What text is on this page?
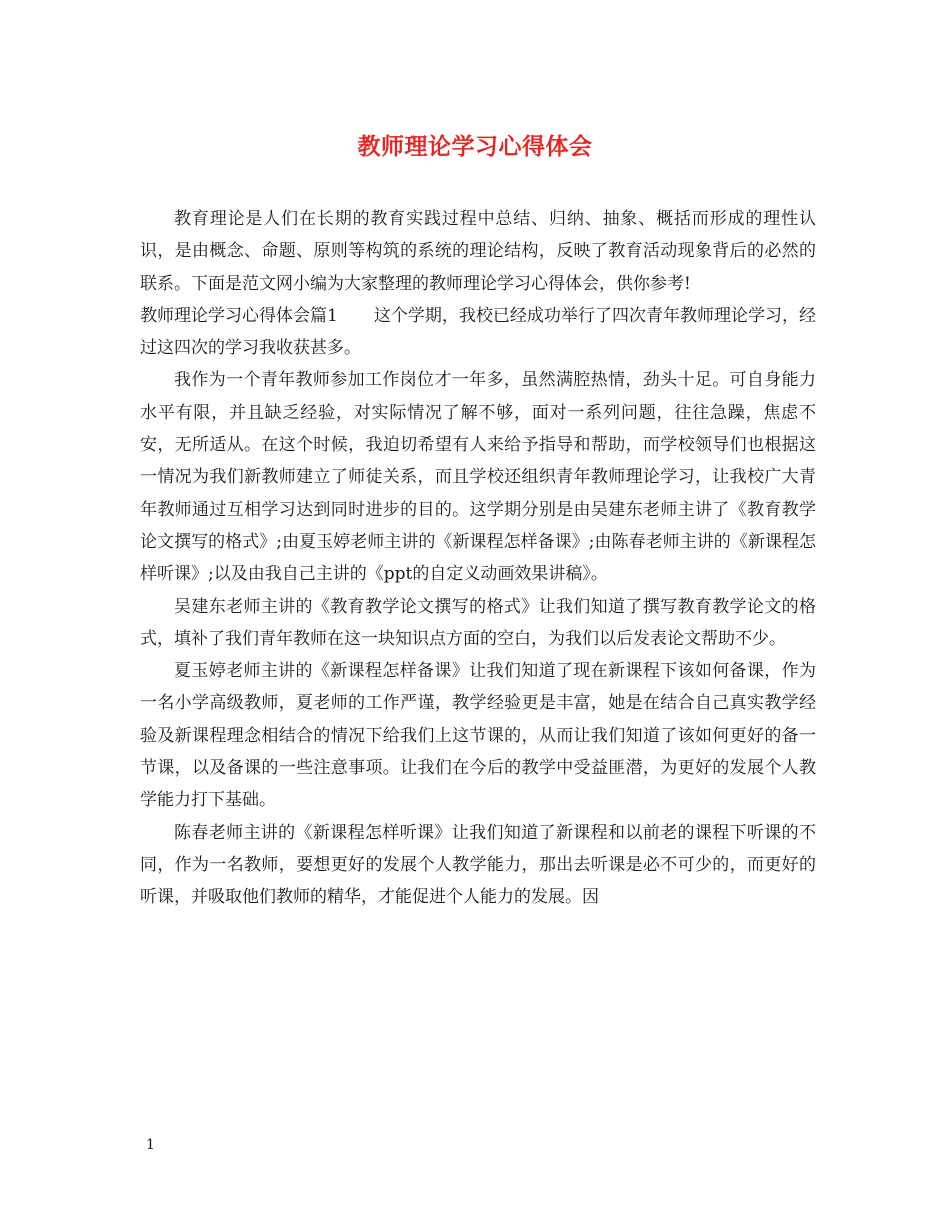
教师理论学习心得体会

教育理论是人们在长期的教育实践过程中总结、归纳、抽象、概括而形成的理性认识，是由概念、命题、原则等构筑的系统的理论结构，反映了教育活动现象背后的必然的联系。下面是范文网小编为大家整理的教师理论学习心得体会，供你参考!

教师理论学习心得体会篇1 这个学期，我校已经成功举行了四次青年教师理论学习，经过这四次的学习我收获甚多。

我作为一个青年教师参加工作岗位才一年多，虽然满腔热情，劲头十足。可自身能力水平有限，并且缺乏经验，对实际情况了解不够，面对一系列问题，往往急躁，焦虑不安，无所适从。在这个时候，我迫切希望有人来给予指导和帮助，而学校领导们也根据这一情况为我们新教师建立了师徒关系，而且学校还组织青年教师理论学习，让我校广大青年教师通过互相学习达到同时进步的目的。这学期分别是由吴建东老师主讲了《教育教学论文撰写的格式》;由夏玉婷老师主讲的《新课程怎样备课》;由陈春老师主讲的《新课程怎样听课》;以及由我自己主讲的《ppt的自定义动画效果讲稿》。

吴建东老师主讲的《教育教学论文撰写的格式》让我们知道了撰写教育教学论文的格式，填补了我们青年教师在这一块知识点方面的空白，为我们以后发表论文帮助不少。

夏玉婷老师主讲的《新课程怎样备课》让我们知道了现在新课程下该如何备课，作为一名小学高级教师，夏老师的工作严谨，教学经验更是丰富，她是在结合自己真实教学经验及新课程理念相结合的情况下给我们上这节课的，从而让我们知道了该如何更好的备一节课，以及备课的一些注意事项。让我们在今后的教学中受益匪潜，为更好的发展个人教学能力打下基础。

陈春老师主讲的《新课程怎样听课》让我们知道了新课程和以前老的课程下听课的不同，作为一名教师，要想更好的发展个人教学能力，那出去听课是必不可少的，而更好的听课，并吸取他们教师的精华，才能促进个人能力的发展。因

1
